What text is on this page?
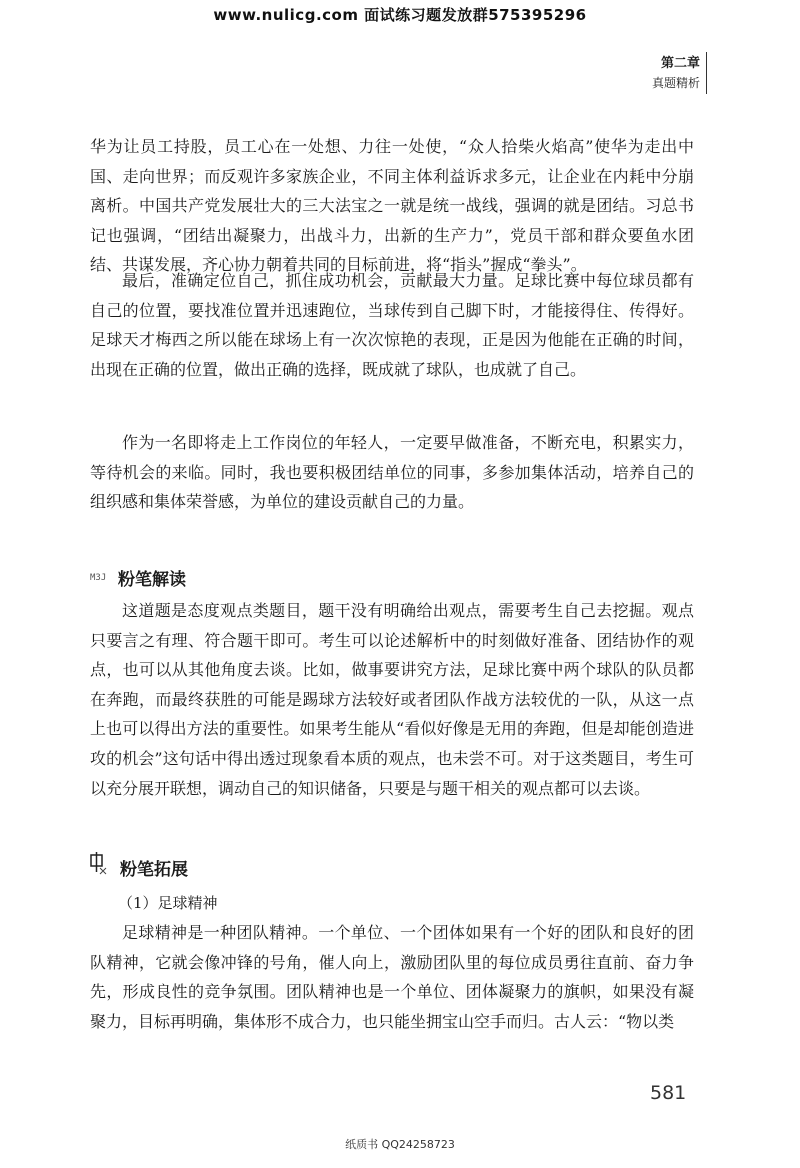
www.nulicg.com 面试练习题发放群575395296
第二章
真题精析

华为让员工持股，员工心在一处想、力往一处使，“众人拾柴火焰高”使华为走出中国、走向世界；而反观许多家族企业，不同主体利益诉求多元，让企业在内耗中分崩离析。中国共产党发展壮大的三大法宝之一就是统一战线，强调的就是团结。习总书记也强调，“团结出凝聚力，出战斗力，出新的生产力”，党员干部和群众要鱼水团结、共谋发展，齐心协力朝着共同的目标前进，将“指头”握成“拳头”。

最后，准确定位自己，抓住成功机会，贡献最大力量。足球比赛中每位球员都有自己的位置，要找准位置并迅速跑位，当球传到自己脚下时，才能接得住、传得好。足球天才梅西之所以能在球场上有一次次惊艳的表现，正是因为他能在正确的时间，出现在正确的位置，做出正确的选择，既成就了球队，也成就了自己。

作为一名即将走上工作岗位的年轻人，一定要早做准备，不断充电，积累实力，等待机会的来临。同时，我也要积极团结单位的同事，多参加集体活动，培养自己的组织感和集体荣誉感，为单位的建设贡献自己的力量。

M3J 粉笔解读

这道题是态度观点类题目，题干没有明确给出观点，需要考生自己去挖掘。观点只要言之有理、符合题干即可。考生可以论述解析中的时刻做好准备、团结协作的观点，也可以从其他角度去谈。比如，做事要讲究方法，足球比赛中两个球队的队员都在奔跑，而最终获胜的可能是踢球方法较好或者团队作战方法较优的一队，从这一点上也可以得出方法的重要性。如果考生能从“看似好像是无用的奔跑，但是却能创造进攻的机会”这句话中得出透过现象看本质的观点，也未尝不可。对于这类题目，考生可以充分展开联想，调动自己的知识储备，只要是与题干相关的观点都可以去谈。

粉笔拓展
（1）足球精神

足球精神是一种团队精神。一个单位、一个团体如果有一个好的团队和良好的团队精神，它就会像冲锋的号角，催人向上，激励团队里的每位成员勇往直前、奋力争先，形成良性的竞争氛围。团队精神也是一个单位、团体凝聚力的旗帜，如果没有凝聚力，目标再明确，集体形不成合力，也只能坐拥宝山空手而归。古人云：“物以类

581
纸质书 QQ24258723
